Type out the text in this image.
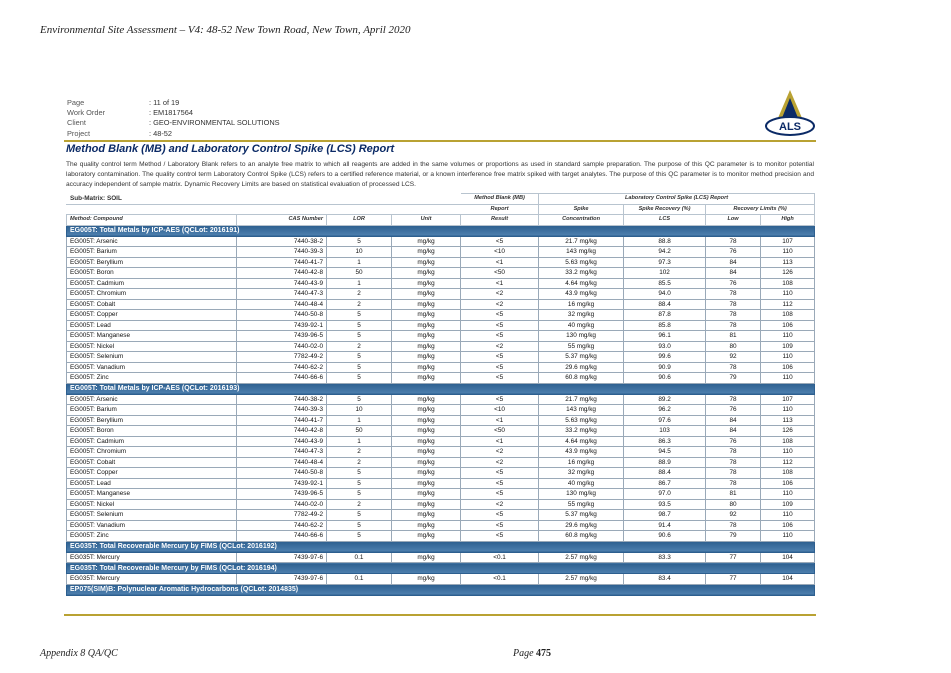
Environmental Site Assessment – V4: 48-52 New Town Road, New Town, April 2020
Page	: 11 of 19
Work Order	: EM1817564
Client	: GEO-ENVIRONMENTAL SOLUTIONS
Project	: 48-52
ALS
Method Blank (MB) and Laboratory Control Spike (LCS) Report
The quality control term Method / Laboratory Blank refers to an analyte free matrix to which all reagents are added in the same volumes or proportions as used in standard sample preparation. The purpose of this QC parameter is to monitor potential laboratory contamination. The quality control term Laboratory Control Spike (LCS) refers to a certified reference material, or a known interference free matrix spiked with target analytes. The purpose of this QC parameter is to monitor method precision and accuracy independent of sample matrix. Dynamic Recovery Limits are based on statistical evaluation of processed LCS.
Sub-Matrix: SOIL				Method Blank (MB)	Laboratory Control Spike (LCS) Report			
				Report	Spike	Spike Recovery (%)	Recovery Limits (%)	
Method: Compound	CAS Number	LOR	Unit	Result	Concentration	LCS	Low	High
EG005T: Total Metals by ICP-AES (QCLot: 2016191)								
EG005T: Arsenic	7440-38-2	5	mg/kg	<5	21.7 mg/kg	88.8	78	107
EG005T: Barium	7440-39-3	10	mg/kg	<10	143 mg/kg	94.2	76	110
EG005T: Beryllium	7440-41-7	1	mg/kg	<1	5.63 mg/kg	97.3	84	113
EG005T: Boron	7440-42-8	50	mg/kg	<50	33.2 mg/kg	102	84	126
EG005T: Cadmium	7440-43-9	1	mg/kg	<1	4.64 mg/kg	85.5	76	108
EG005T: Chromium	7440-47-3	2	mg/kg	<2	43.9 mg/kg	94.0	78	110
EG005T: Cobalt	7440-48-4	2	mg/kg	<2	16 mg/kg	88.4	78	112
EG005T: Copper	7440-50-8	5	mg/kg	<5	32 mg/kg	87.8	78	108
EG005T: Lead	7439-92-1	5	mg/kg	<5	40 mg/kg	85.8	78	106
EG005T: Manganese	7439-96-5	5	mg/kg	<5	130 mg/kg	96.1	81	110
EG005T: Nickel	7440-02-0	2	mg/kg	<2	55 mg/kg	93.0	80	109
EG005T: Selenium	7782-49-2	5	mg/kg	<5	5.37 mg/kg	99.6	92	110
EG005T: Vanadium	7440-62-2	5	mg/kg	<5	29.6 mg/kg	90.9	78	106
EG005T: Zinc	7440-66-6	5	mg/kg	<5	60.8 mg/kg	90.6	79	110
EG005T: Total Metals by ICP-AES (QCLot: 2016193)								
EG005T: Arsenic	7440-38-2	5	mg/kg	<5	21.7 mg/kg	89.2	78	107
EG005T: Barium	7440-39-3	10	mg/kg	<10	143 mg/kg	96.2	76	110
EG005T: Beryllium	7440-41-7	1	mg/kg	<1	5.63 mg/kg	97.6	84	113
EG005T: Boron	7440-42-8	50	mg/kg	<50	33.2 mg/kg	103	84	126
EG005T: Cadmium	7440-43-9	1	mg/kg	<1	4.64 mg/kg	86.3	76	108
EG005T: Chromium	7440-47-3	2	mg/kg	<2	43.9 mg/kg	94.5	78	110
EG005T: Cobalt	7440-48-4	2	mg/kg	<2	16 mg/kg	88.9	78	112
EG005T: Copper	7440-50-8	5	mg/kg	<5	32 mg/kg	88.4	78	108
EG005T: Lead	7439-92-1	5	mg/kg	<5	40 mg/kg	86.7	78	106
EG005T: Manganese	7439-96-5	5	mg/kg	<5	130 mg/kg	97.0	81	110
EG005T: Nickel	7440-02-0	2	mg/kg	<2	55 mg/kg	93.5	80	109
EG005T: Selenium	7782-49-2	5	mg/kg	<5	5.37 mg/kg	98.7	92	110
EG005T: Vanadium	7440-62-2	5	mg/kg	<5	29.6 mg/kg	91.4	78	106
EG005T: Zinc	7440-66-6	5	mg/kg	<5	60.8 mg/kg	90.6	79	110
EG035T: Total Recoverable Mercury by FIMS (QCLot: 2016192)								
EG035T: Mercury	7439-97-6	0.1	mg/kg	<0.1	2.57 mg/kg	83.3	77	104
EG035T: Total Recoverable Mercury by FIMS (QCLot: 2016194)								
EG035T: Mercury	7439-97-6	0.1	mg/kg	<0.1	2.57 mg/kg	83.4	77	104
EP075(SIM)B: Polynuclear Aromatic Hydrocarbons (QCLot: 2014835)								
Appendix 8 QA/QC	Page 475
